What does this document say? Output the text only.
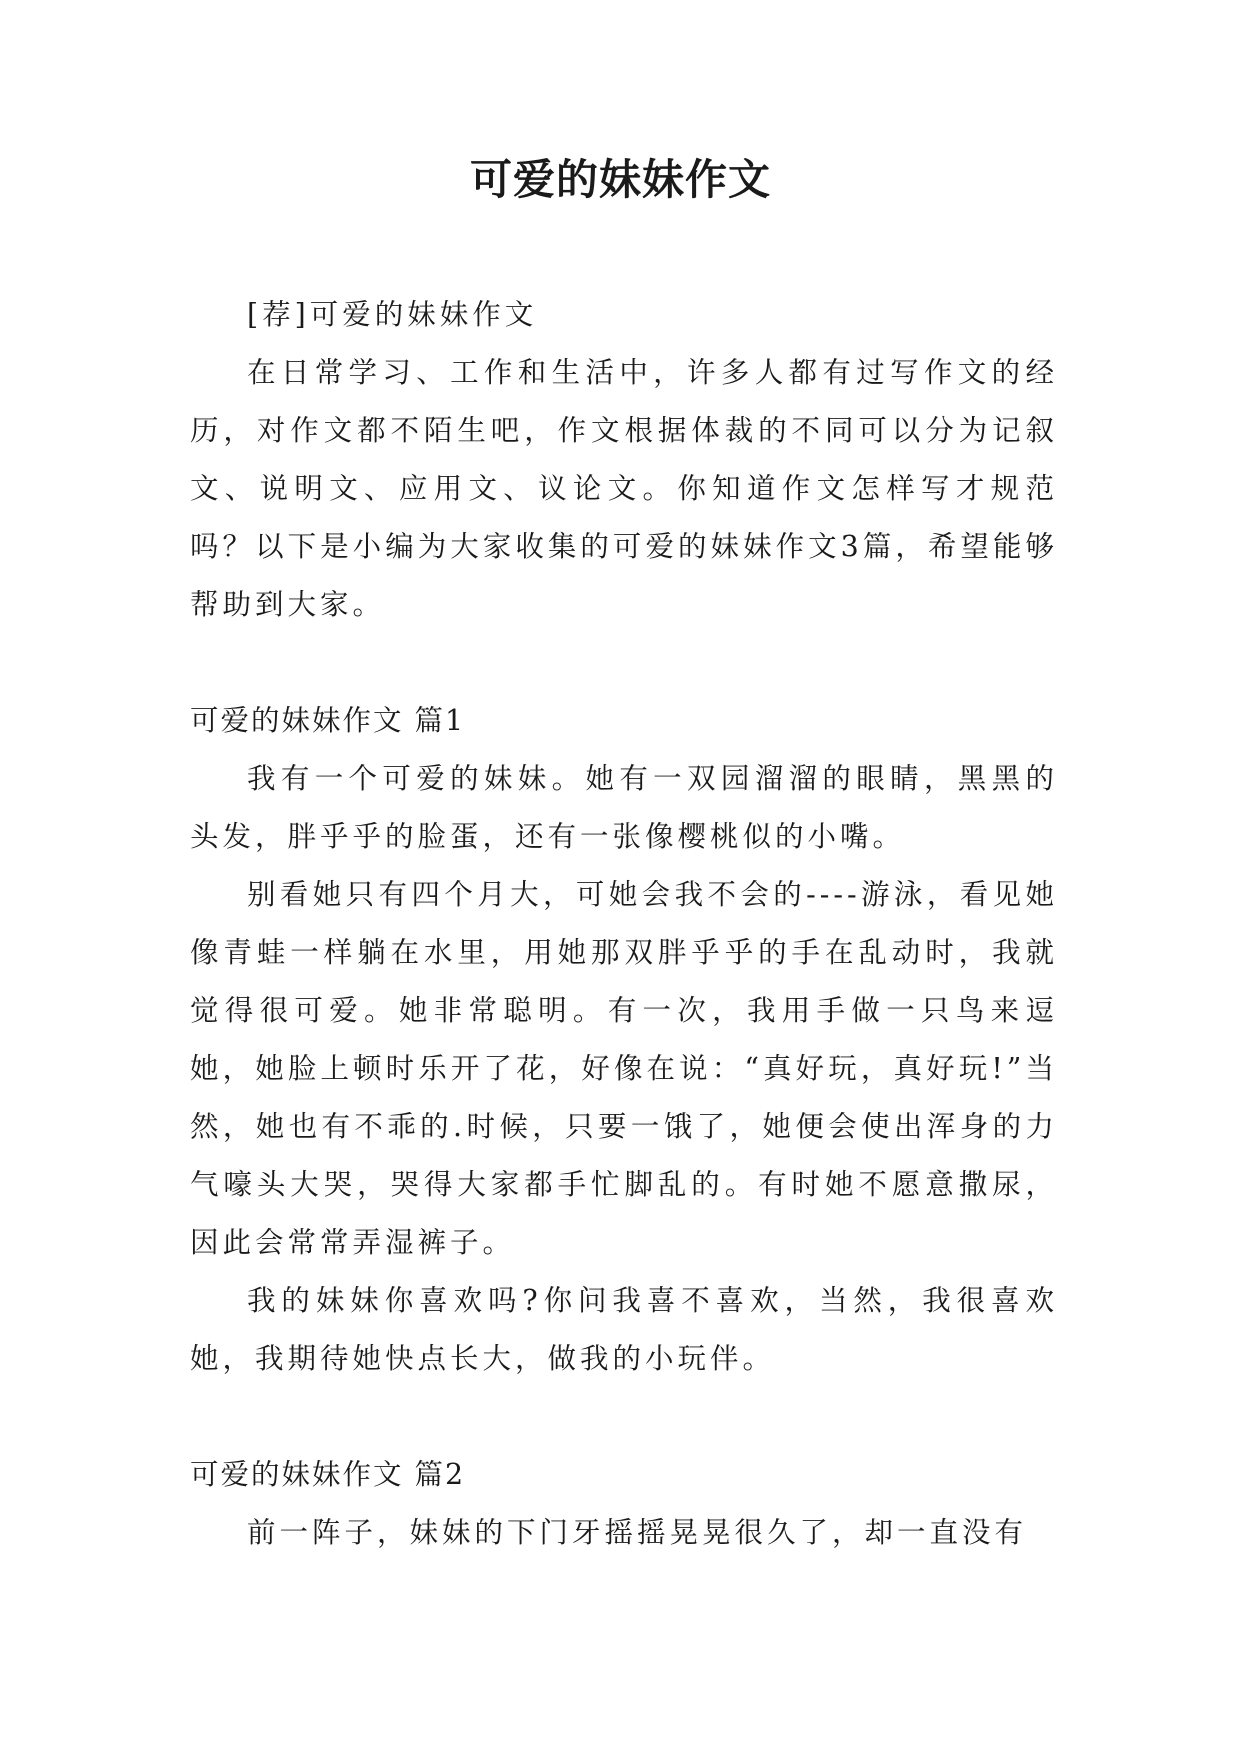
可爱的妹妹作文

[荐]可爱的妹妹作文

在日常学习、工作和生活中，许多人都有过写作文的经历，对作文都不陌生吧，作文根据体裁的不同可以分为记叙文、说明文、应用文、议论文。你知道作文怎样写才规范吗？以下是小编为大家收集的可爱的妹妹作文3篇，希望能够帮助到大家。

可爱的妹妹作文 篇1

我有一个可爱的妹妹。她有一双园溜溜的眼睛，黑黑的头发，胖乎乎的脸蛋，还有一张像樱桃似的小嘴。

别看她只有四个月大，可她会我不会的----游泳，看见她像青蛙一样躺在水里，用她那双胖乎乎的手在乱动时，我就觉得很可爱。她非常聪明。有一次，我用手做一只鸟来逗她，她脸上顿时乐开了花，好像在说：“真好玩，真好玩!”当然，她也有不乖的.时候，只要一饿了，她便会使出浑身的力气嚎头大哭，哭得大家都手忙脚乱的。有时她不愿意撒尿，因此会常常弄湿裤子。

我的妹妹你喜欢吗?你问我喜不喜欢，当然，我很喜欢她，我期待她快点长大，做我的小玩伴。

可爱的妹妹作文 篇2

前一阵子，妹妹的下门牙摇摇晃晃很久了，却一直没有
